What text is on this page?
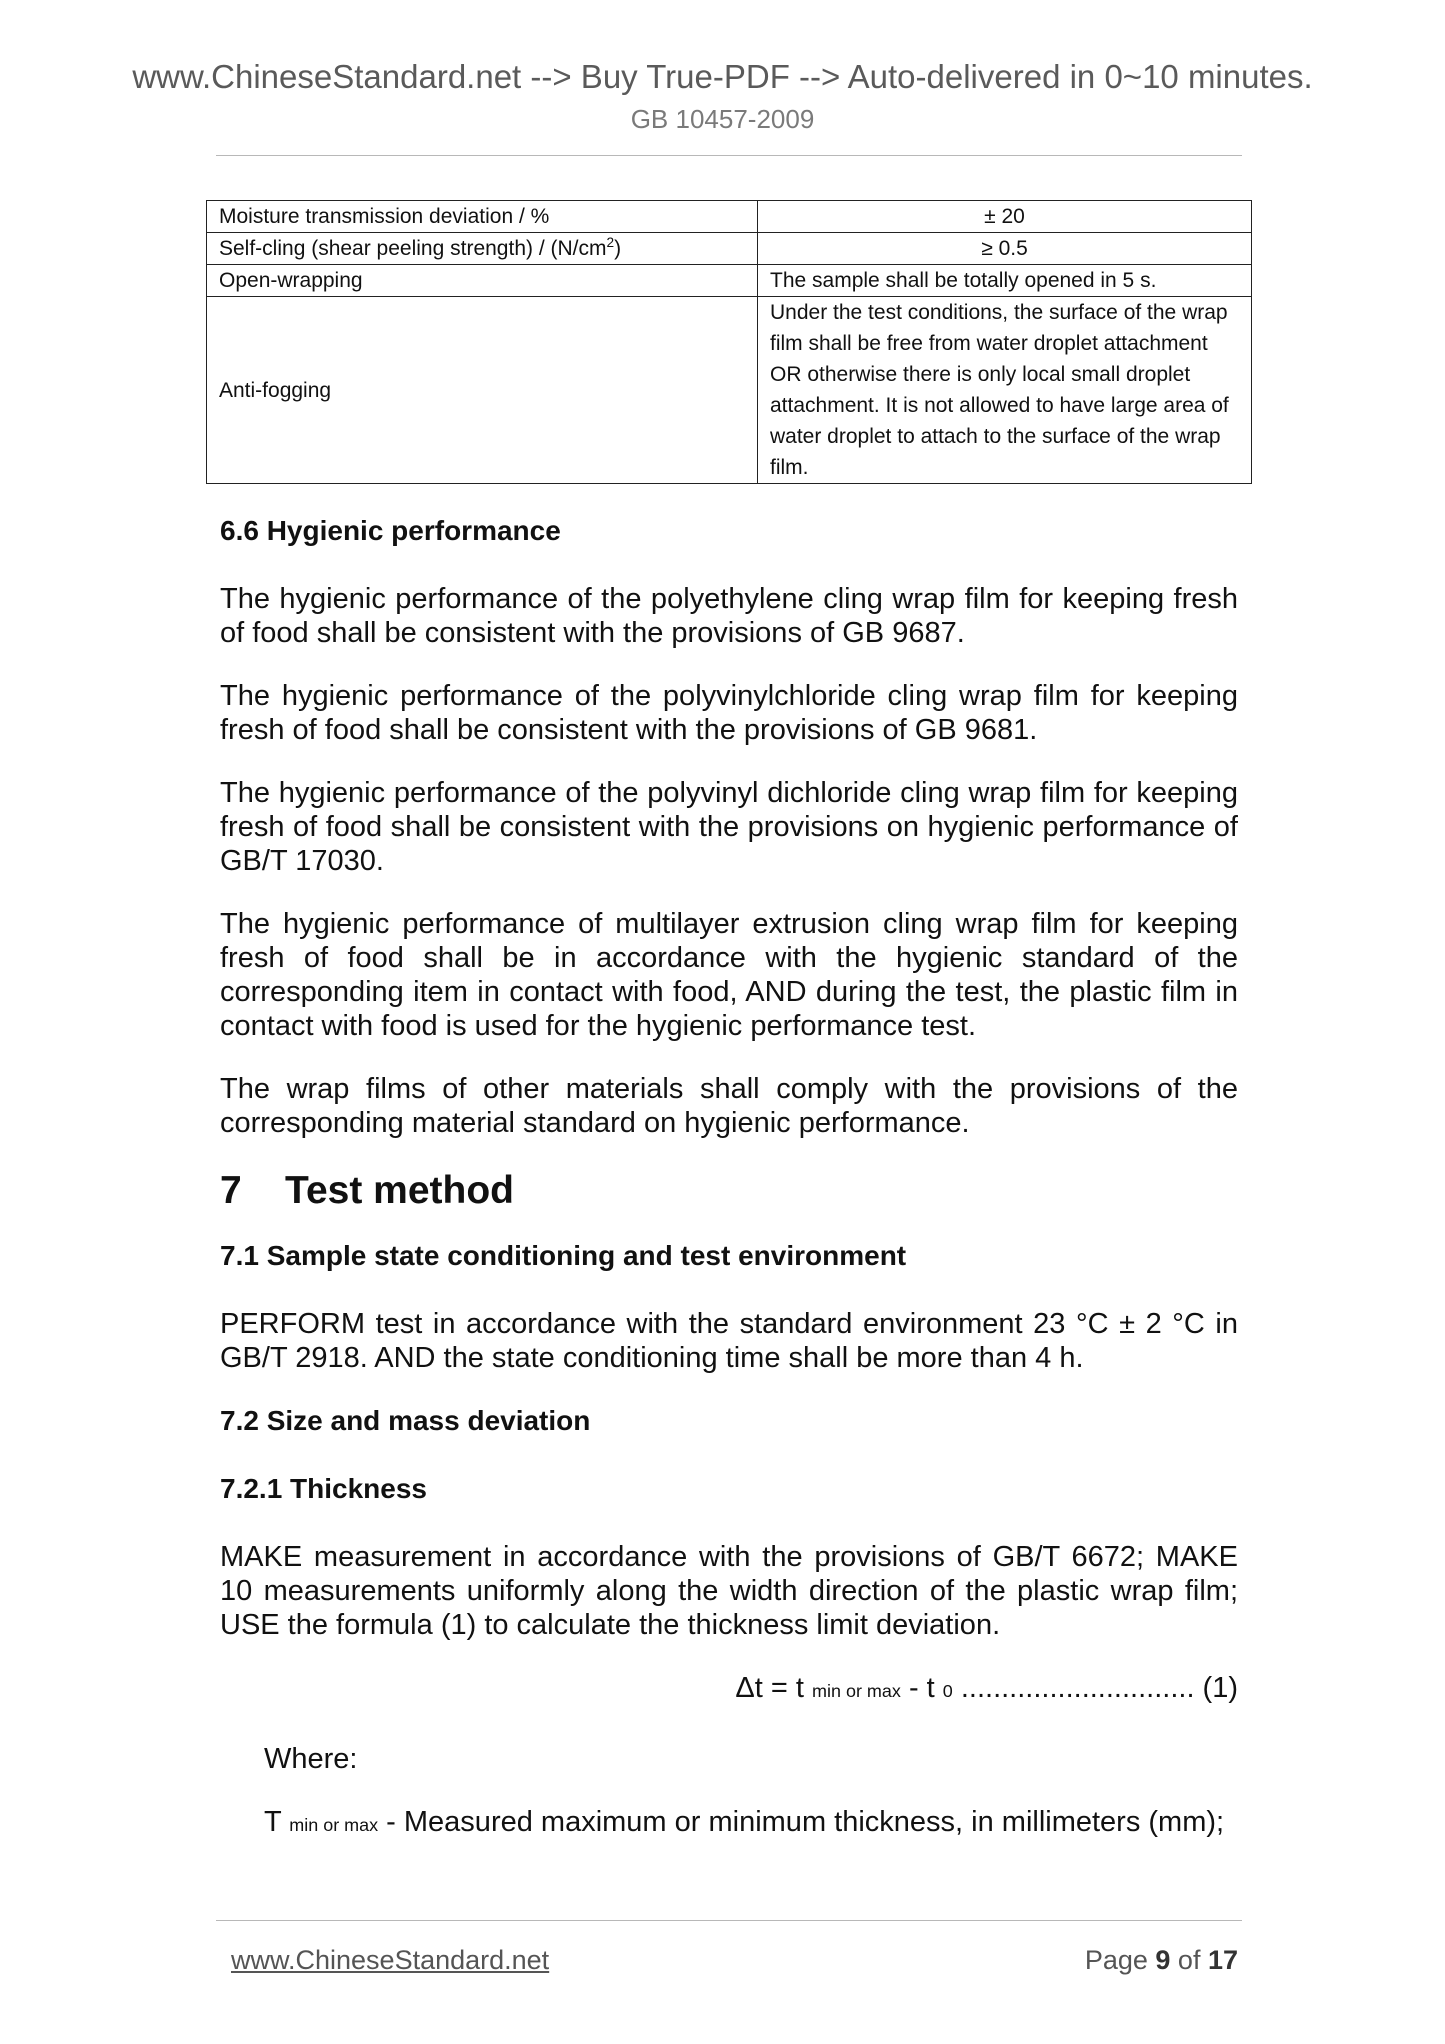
www.ChineseStandard.net --> Buy True-PDF --> Auto-delivered in 0~10 minutes.
GB 10457-2009
Moisture transmission deviation / %	± 20
Self-cling (shear peeling strength) / $(N/cm^2)$	≥ 0.5
Open-wrapping	The sample shall be totally opened in 5 s.
Anti-fogging	Under the test conditions, the surface of the wrap film shall be free from water droplet attachment OR otherwise there is only local small droplet attachment. It is not allowed to have large area of water droplet to attach to the surface of the wrap film.
6.6 Hygienic performance

The hygienic performance of the polyethylene cling wrap film for keeping fresh of food shall be consistent with the provisions of GB 9687.

The hygienic performance of the polyvinylchloride cling wrap film for keeping fresh of food shall be consistent with the provisions of GB 9681.

The hygienic performance of the polyvinyl dichloride cling wrap film for keeping fresh of food shall be consistent with the provisions on hygienic performance of GB/T 17030.

The hygienic performance of multilayer extrusion cling wrap film for keeping fresh of food shall be in accordance with the hygienic standard of the corresponding item in contact with food, AND during the test, the plastic film in contact with food is used for the hygienic performance test.

The wrap films of other materials shall comply with the provisions of the corresponding material standard on hygienic performance.

7    Test method
7.1 Sample state conditioning and test environment

PERFORM test in accordance with the standard environment 23 °C ± 2 °C in GB/T 2918. AND the state conditioning time shall be more than 4 h.

7.2 Size and mass deviation
7.2.1 Thickness

MAKE measurement in accordance with the provisions of GB/T 6672; MAKE 10 measurements uniformly along the width direction of the plastic wrap film; USE the formula (1) to calculate the thickness limit deviation.

Δt = t min or max - t 0 ............................. (1)

Where:

T min or max - Measured maximum or minimum thickness, in millimeters (mm);

www.ChineseStandard.net	Page 9 of 17
